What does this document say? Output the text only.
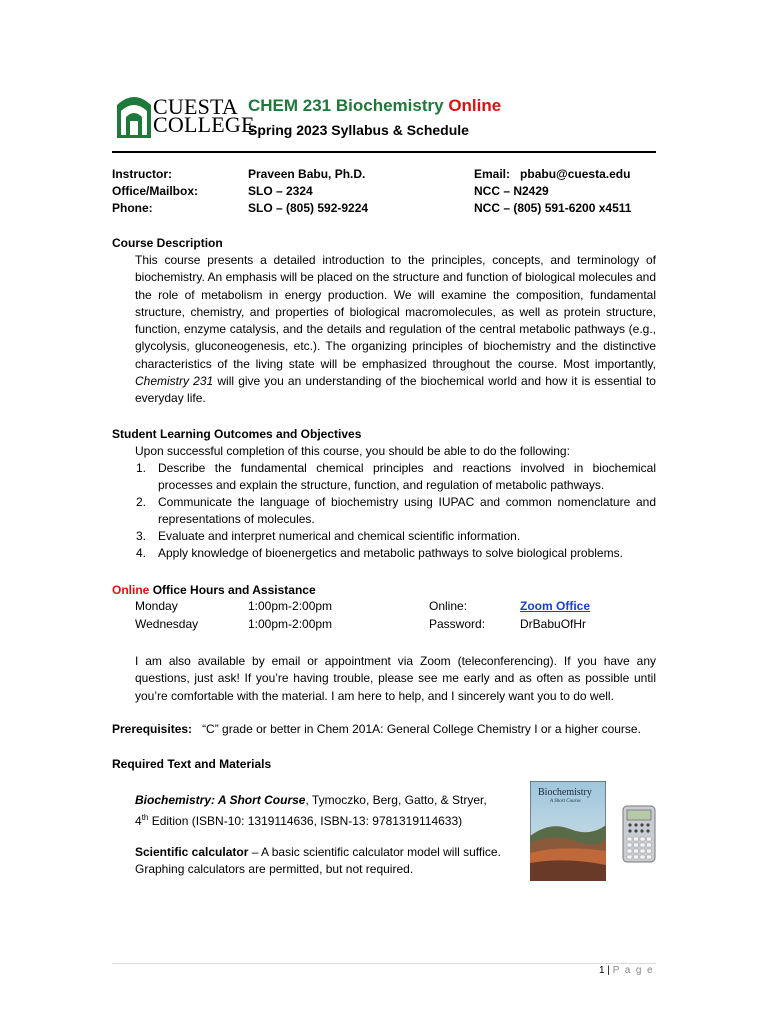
CUESTA
COLLEGE
CHEM 231 Biochemistry Online
Spring 2023 Syllabus & Schedule
Instructor:	Praveen Babu, Ph.D.	Email: pbabu@cuesta.edu
Office/Mailbox:	SLO – 2324	NCC – N2429
Phone:	SLO – (805) 592-9224	NCC – (805) 591-6200 x4511
Course Description
This course presents a detailed introduction to the principles, concepts, and terminology of biochemistry. An emphasis will be placed on the structure and function of biological molecules and the role of metabolism in energy production. We will examine the composition, fundamental structure, chemistry, and properties of biological macromolecules, as well as protein structure, function, enzyme catalysis, and the details and regulation of the central metabolic pathways (e.g., glycolysis, gluconeogenesis, etc.). The organizing principles of biochemistry and the distinctive characteristics of the living state will be emphasized throughout the course. Most importantly, Chemistry 231 will give you an understanding of the biochemical world and how it is essential to everyday life.
Student Learning Outcomes and Objectives
Upon successful completion of this course, you should be able to do the following:
1. Describe the fundamental chemical principles and reactions involved in biochemical processes and explain the structure, function, and regulation of metabolic pathways.
2. Communicate the language of biochemistry using IUPAC and common nomenclature and representations of molecules.
3. Evaluate and interpret numerical and chemical scientific information.
4. Apply knowledge of bioenergetics and metabolic pathways to solve biological problems.
Online Office Hours and Assistance
Monday	1:00pm-2:00pm	Online:	Zoom Office
Wednesday	1:00pm-2:00pm	Password:	DrBabuOfHr
I am also available by email or appointment via Zoom (teleconferencing). If you have any questions, just ask! If you’re having trouble, please see me early and as often as possible until you’re comfortable with the material. I am here to help, and I sincerely want you to do well.
Prerequisites: “C” grade or better in Chem 201A: General College Chemistry I or a higher course.
Required Text and Materials
Biochemistry: A Short Course, Tymoczko, Berg, Gatto, & Stryer,
4th Edition (ISBN-10: 1319114636, ISBN-13: 9781319114633)
Scientific calculator – A basic scientific calculator model will suffice. Graphing calculators are permitted, but not required.
Biochemistry
A Short Course
1 | P a g e
